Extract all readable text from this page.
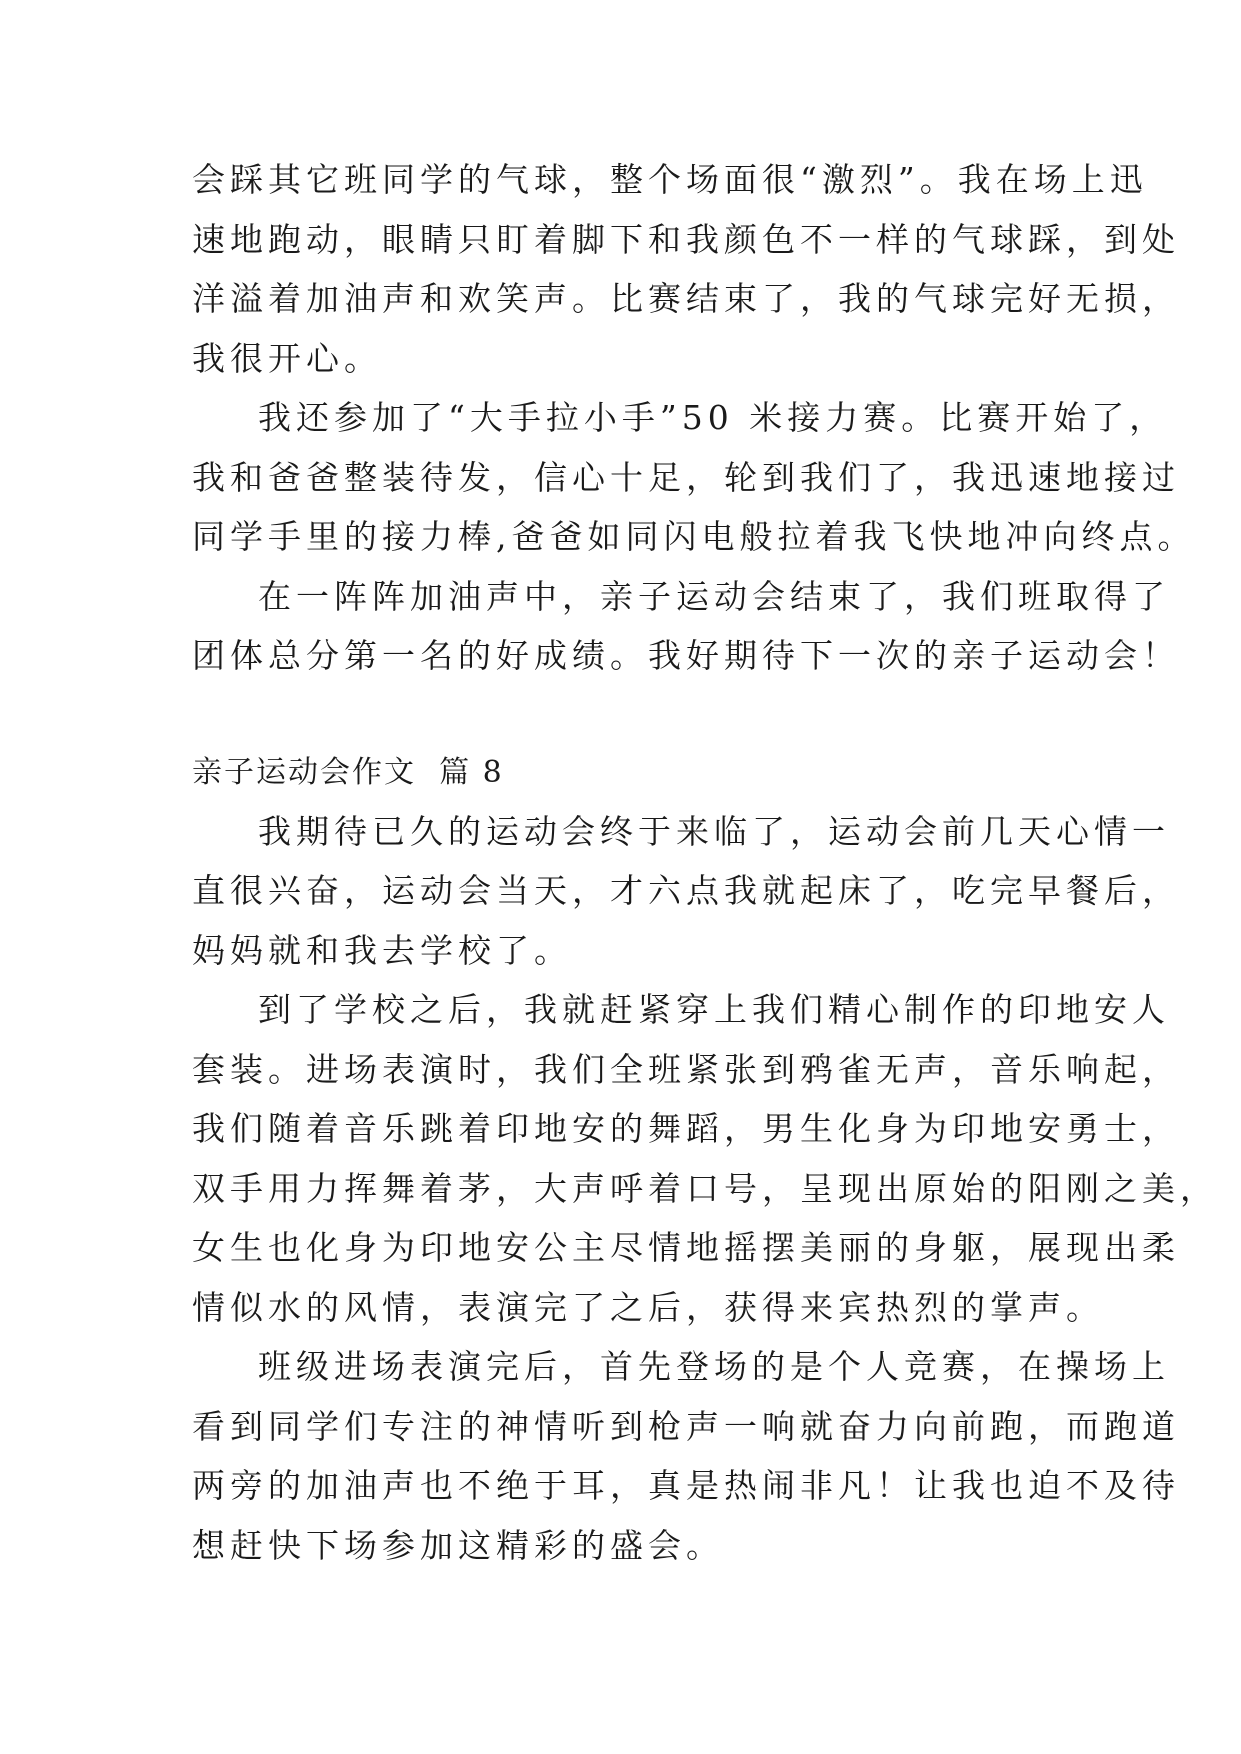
会踩其它班同学的气球，整个场面很“激烈”。我在场上迅
速地跑动，眼睛只盯着脚下和我颜色不一样的气球踩，到处
洋溢着加油声和欢笑声。比赛结束了，我的气球完好无损，
我很开心。
我还参加了“大手拉小手”50 米接力赛。比赛开始了，
我和爸爸整装待发，信心十足，轮到我们了，我迅速地接过
同学手里的接力棒,爸爸如同闪电般拉着我飞快地冲向终点。
在一阵阵加油声中，亲子运动会结束了，我们班取得了
团体总分第一名的好成绩。我好期待下一次的亲子运动会！
亲子运动会作文  篇 8
我期待已久的运动会终于来临了，运动会前几天心情一
直很兴奋，运动会当天，才六点我就起床了，吃完早餐后，
妈妈就和我去学校了。
到了学校之后，我就赶紧穿上我们精心制作的印地安人
套装。进场表演时，我们全班紧张到鸦雀无声，音乐响起，
我们随着音乐跳着印地安的舞蹈，男生化身为印地安勇士，
双手用力挥舞着茅，大声呼着口号，呈现出原始的阳刚之美，
女生也化身为印地安公主尽情地摇摆美丽的身躯，展现出柔
情似水的风情，表演完了之后，获得来宾热烈的掌声。
班级进场表演完后，首先登场的是个人竞赛，在操场上
看到同学们专注的神情听到枪声一响就奋力向前跑，而跑道
两旁的加油声也不绝于耳，真是热闹非凡！让我也迫不及待
想赶快下场参加这精彩的盛会。
